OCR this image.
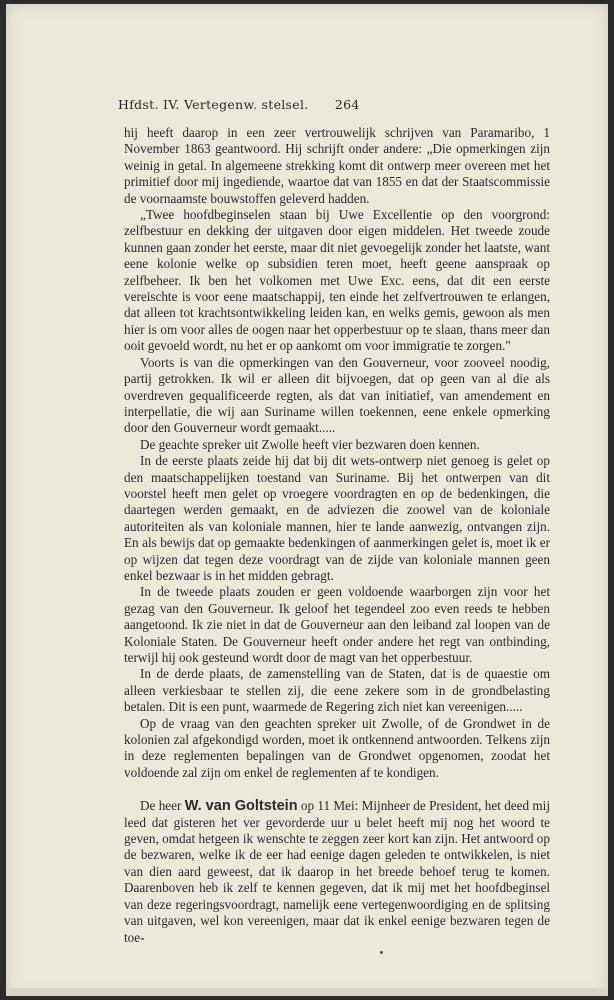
Hfdst. IV. Vertegenw. stelsel. 264

hij heeft daarop in een zeer vertrouwelijk schrijven van Paramaribo, 1 November 1863 geantwoord. Hij schrijft onder andere: „Die opmerkingen zijn weinig in getal. In algemeene strekking komt dit ontwerp meer overeen met het primitief door mij ingediende, waartoe dat van 1855 en dat der Staatscommissie de voornaamste bouwstoffen geleverd hadden.

„Twee hoofdbeginselen staan bij Uwe Excellentie op den voorgrond: zelfbestuur en dekking der uitgaven door eigen middelen. Het tweede zoude kunnen gaan zonder het eerste, maar dit niet gevoegelijk zonder het laatste, want eene kolonie welke op subsidien teren moet, heeft geene aanspraak op zelfbeheer. Ik ben het volkomen met Uwe Exc. eens, dat dit een eerste vereischte is voor eene maatschappij, ten einde het zelfvertrouwen te erlangen, dat alleen tot krachtsontwikkeling leiden kan, en welks gemis, gewoon als men hier is om voor alles de oogen naar het opperbestuur op te slaan, thans meer dan ooit gevoeld wordt, nu het er op aankomt om voor immigratie te zorgen."

Voorts is van die opmerkingen van den Gouverneur, voor zooveel noodig, partij getrokken. Ik wil er alleen dit bijvoegen, dat op geen van al die als overdreven gequalificeerde regten, als dat van initiatief, van amendement en interpellatie, die wij aan Suriname willen toekennen, eene enkele opmerking door den Gouverneur wordt gemaakt.....

De geachte spreker uit Zwolle heeft vier bezwaren doen kennen.

In de eerste plaats zeide hij dat bij dit wets-ontwerp niet genoeg is gelet op den maatschappelijken toestand van Suriname. Bij het ontwerpen van dit voorstel heeft men gelet op vroegere voordragten en op de bedenkingen, die daartegen werden gemaakt, en de adviezen die zoowel van de koloniale autoriteiten als van koloniale mannen, hier te lande aanwezig, ontvangen zijn. En als bewijs dat op gemaakte bedenkingen of aanmerkingen gelet is, moet ik er op wijzen dat tegen deze voordragt van de zijde van koloniale mannen geen enkel bezwaar is in het midden gebragt.

In de tweede plaats zouden er geen voldoende waarborgen zijn voor het gezag van den Gouverneur. Ik geloof het tegendeel zoo even reeds te hebben aangetoond. Ik zie niet in dat de Gouverneur aan den leiband zal loopen van de Koloniale Staten. De Gouverneur heeft onder andere het regt van ontbinding, terwijl hij ook gesteund wordt door de magt van het opperbestuur.

In de derde plaats, de zamenstelling van de Staten, dat is de quaestie om alleen verkiesbaar te stellen zij, die eene zekere som in de grondbelasting betalen. Dit is een punt, waarmede de Regering zich niet kan vereenigen.....

Op de vraag van den geachten spreker uit Zwolle, of de Grondwet in de kolonien zal afgekondigd worden, moet ik ontkennend antwoorden. Telkens zijn in deze reglementen bepalingen van de Grondwet opgenomen, zoodat het voldoende zal zijn om enkel de reglementen af te kondigen.

De heer W. van Goltstein op 11 Mei: Mijnheer de President, het deed mij leed dat gisteren het ver gevorderde uur u belet heeft mij nog het woord te geven, omdat hetgeen ik wenschte te zeggen zeer kort kan zijn. Het antwoord op de bezwaren, welke ik de eer had eenige dagen geleden te ontwikkelen, is niet van dien aard geweest, dat ik daarop in het breede behoef terug te komen. Daarenboven heb ik zelf te kennen gegeven, dat ik mij met het hoofdbeginsel van deze regeringsvoordragt, namelijk eene vertegenwoordiging en de splitsing van uitgaven, wel kon vereenigen, maar dat ik enkel eenige bezwaren tegen de toe-
